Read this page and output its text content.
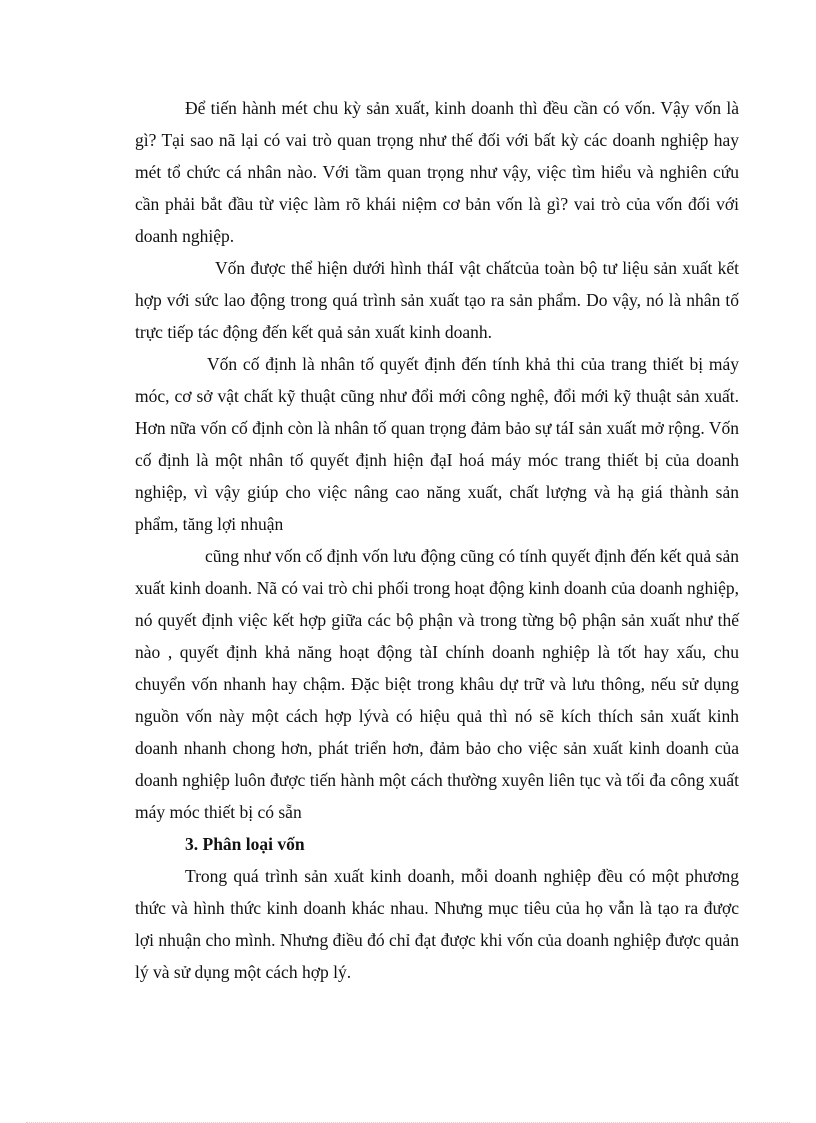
Để tiến hành mét chu kỳ sản xuất, kinh doanh thì đều cần có vốn. Vậy vốn là gì? Tại sao nã lại có vai trò quan trọng như thế đối với bất kỳ các doanh nghiệp hay mét tổ chức cá nhân nào. Với tầm quan trọng như vậy, việc tìm hiểu và nghiên cứu cần phải bắt đầu từ việc làm rõ khái niệm cơ bản vốn là gì? vai trò của vốn đối với doanh nghiệp.

Vốn được thể hiện dưới hình tháI vật chấtcủa toàn bộ tư liệu sản xuất kết hợp với sức lao động trong quá trình sản xuất tạo ra sản phẩm. Do vậy, nó là nhân tố trực tiếp tác động đến kết quả sản xuất kinh doanh.

Vốn cố định là nhân tố quyết định đến tính khả thi của trang thiết bị máy móc, cơ sở vật chất kỹ thuật cũng như đổi mới công nghệ, đổi mới kỹ thuật sản xuất. Hơn nữa vốn cố định còn là nhân tố quan trọng đảm bảo sự táI sản xuất mở rộng. Vốn cố định là một nhân tố quyết định hiện đạI hoá máy móc trang thiết bị của doanh nghiệp, vì vậy giúp cho việc nâng cao năng xuất, chất lượng và hạ giá thành sản phẩm, tăng lợi nhuận

cũng như vốn cố định vốn lưu động cũng có tính quyết định đến kết quả sản xuất kinh doanh. Nã có vai trò chi phối trong hoạt động kinh doanh của doanh nghiệp, nó quyết định việc kết hợp giữa các bộ phận và trong từng bộ phận sản xuất như thế nào , quyết định khả năng hoạt động tàI chính doanh nghiệp là tốt hay xấu, chu chuyển vốn nhanh hay chậm. Đặc biệt trong khâu dự trữ và lưu thông, nếu sử dụng nguồn vốn này một cách hợp lývà có hiệu quả thì nó sẽ kích thích sản xuất kinh doanh nhanh chong hơn, phát triển hơn, đảm bảo cho việc sản xuất kinh doanh của doanh nghiệp luôn được tiến hành một cách thường xuyên liên tục và tối đa công xuất máy móc thiết bị có sẵn

3. Phân loại vốn

Trong quá trình sản xuất kinh doanh, mỗi doanh nghiệp đều có một phương thức và hình thức kinh doanh khác nhau. Nhưng mục tiêu của họ vẫn là tạo ra được lợi nhuận cho mình. Nhưng điều đó chỉ đạt được khi vốn của doanh nghiệp được quản lý và sử dụng một cách hợp lý.
